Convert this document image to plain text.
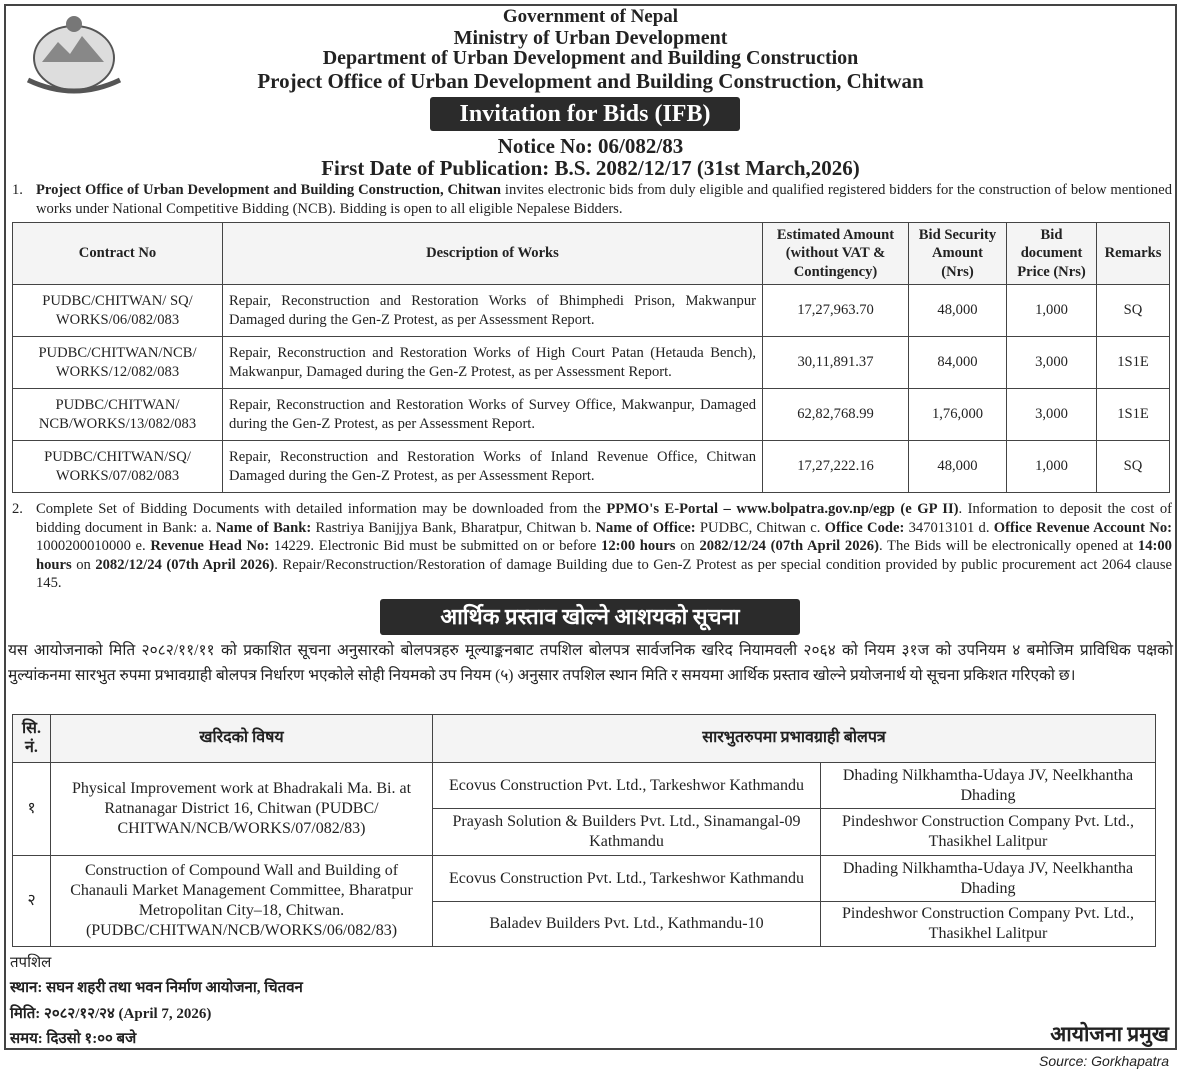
Government of Nepal
Ministry of Urban Development
Department of Urban Development and Building Construction
Project Office of Urban Development and Building Construction, Chitwan
Invitation for Bids (IFB)
Notice No: 06/082/83
First Date of Publication: B.S. 2082/12/17 (31st March,2026)
1. Project Office of Urban Development and Building Construction, Chitwan invites electronic bids from duly eligible and qualified registered bidders for the construction of below mentioned works under National Competitive Bidding (NCB). Bidding is open to all eligible Nepalese Bidders.
Contract No	Description of Works	Estimated Amount (without VAT & Contingency)	Bid Security Amount (Nrs)	Bid document Price (Nrs)	Remarks
PUDBC/CHITWAN/ SQ/ WORKS/06/082/083	Repair, Reconstruction and Restoration Works of Bhimphedi Prison, Makwanpur Damaged during the Gen-Z Protest, as per Assessment Report.	17,27,963.70	48,000	1,000	SQ
PUDBC/CHITWAN/NCB/ WORKS/12/082/083	Repair, Reconstruction and Restoration Works of High Court Patan (Hetauda Bench), Makwanpur, Damaged during the Gen-Z Protest, as per Assessment Report.	30,11,891.37	84,000	3,000	1S1E
PUDBC/CHITWAN/ NCB/WORKS/13/082/083	Repair, Reconstruction and Restoration Works of Survey Office, Makwanpur, Damaged during the Gen-Z Protest, as per Assessment Report.	62,82,768.99	1,76,000	3,000	1S1E
PUDBC/CHITWAN/SQ/ WORKS/07/082/083	Repair, Reconstruction and Restoration Works of Inland Revenue Office, Chitwan Damaged during the Gen-Z Protest, as per Assessment Report.	17,27,222.16	48,000	1,000	SQ
2. Complete Set of Bidding Documents with detailed information may be downloaded from the PPMO's E-Portal – www.bolpatra.gov.np/egp (e GP II). Information to deposit the cost of bidding document in Bank: a. Name of Bank: Rastriya Banijjya Bank, Bharatpur, Chitwan b. Name of Office: PUDBC, Chitwan c. Office Code: 347013101 d. Office Revenue Account No: 1000200010000 e. Revenue Head No: 14229. Electronic Bid must be submitted on or before 12:00 hours on 2082/12/24 (07th April 2026). The Bids will be electronically opened at 14:00 hours on 2082/12/24 (07th April 2026). Repair/Reconstruction/Restoration of damage Building due to Gen-Z Protest as per special condition provided by public procurement act 2064 clause 145.
आर्थिक प्रस्ताव खोल्ने आशयको सूचना
यस आयोजनाको मिति २०८२/११/११ को प्रकाशित सूचना अनुसारको बोलपत्रहरु मूल्याङ्कनबाट तपशिल बोलपत्र सार्वजनिक खरिद नियामवली २०६४ को नियम ३१ज को उपनियम ४ बमोजिम प्राविधिक पक्षको मुल्यांकनमा सारभुत रुपमा प्रभावग्राही बोलपत्र निर्धारण भएकोले सोही नियमको उप नियम (५) अनुसार तपशिल स्थान मिति र समयमा आर्थिक प्रस्ताव खोल्ने प्रयोजनार्थ यो सूचना प्रकिशत गरिएको छ।
सि. नं.	खरिदको विषय	सारभुतरुपमा प्रभावग्राही बोलपत्र	
१	Physical Improvement work at Bhadrakali Ma. Bi. at Ratnanagar District 16, Chitwan (PUDBC/ CHITWAN/NCB/WORKS/07/082/83)	Ecovus Construction Pvt. Ltd., Tarkeshwor Kathmandu	Dhading Nilkhamtha-Udaya JV, Neelkhantha Dhading
		Prayash Solution & Builders Pvt. Ltd., Sinamangal-09 Kathmandu	Pindeshwor Construction Company Pvt. Ltd., Thasikhel Lalitpur
२	Construction of Compound Wall and Building of Chanauli Market Management Committee, Bharatpur Metropolitan City–18, Chitwan. (PUDBC/CHITWAN/NCB/WORKS/06/082/83)	Ecovus Construction Pvt. Ltd., Tarkeshwor Kathmandu	Dhading Nilkhamtha-Udaya JV, Neelkhantha Dhading
		Baladev Builders Pvt. Ltd., Kathmandu-10	Pindeshwor Construction Company Pvt. Ltd., Thasikhel Lalitpur
तपशिल
स्थान: सघन शहरी तथा भवन निर्माण आयोजना, चितवन
मिति: २०८२/१२/२४ (April 7, 2026)
समय: दिउसो १:०० बजे	आयोजना प्रमुख
Source: Gorkhapatra
